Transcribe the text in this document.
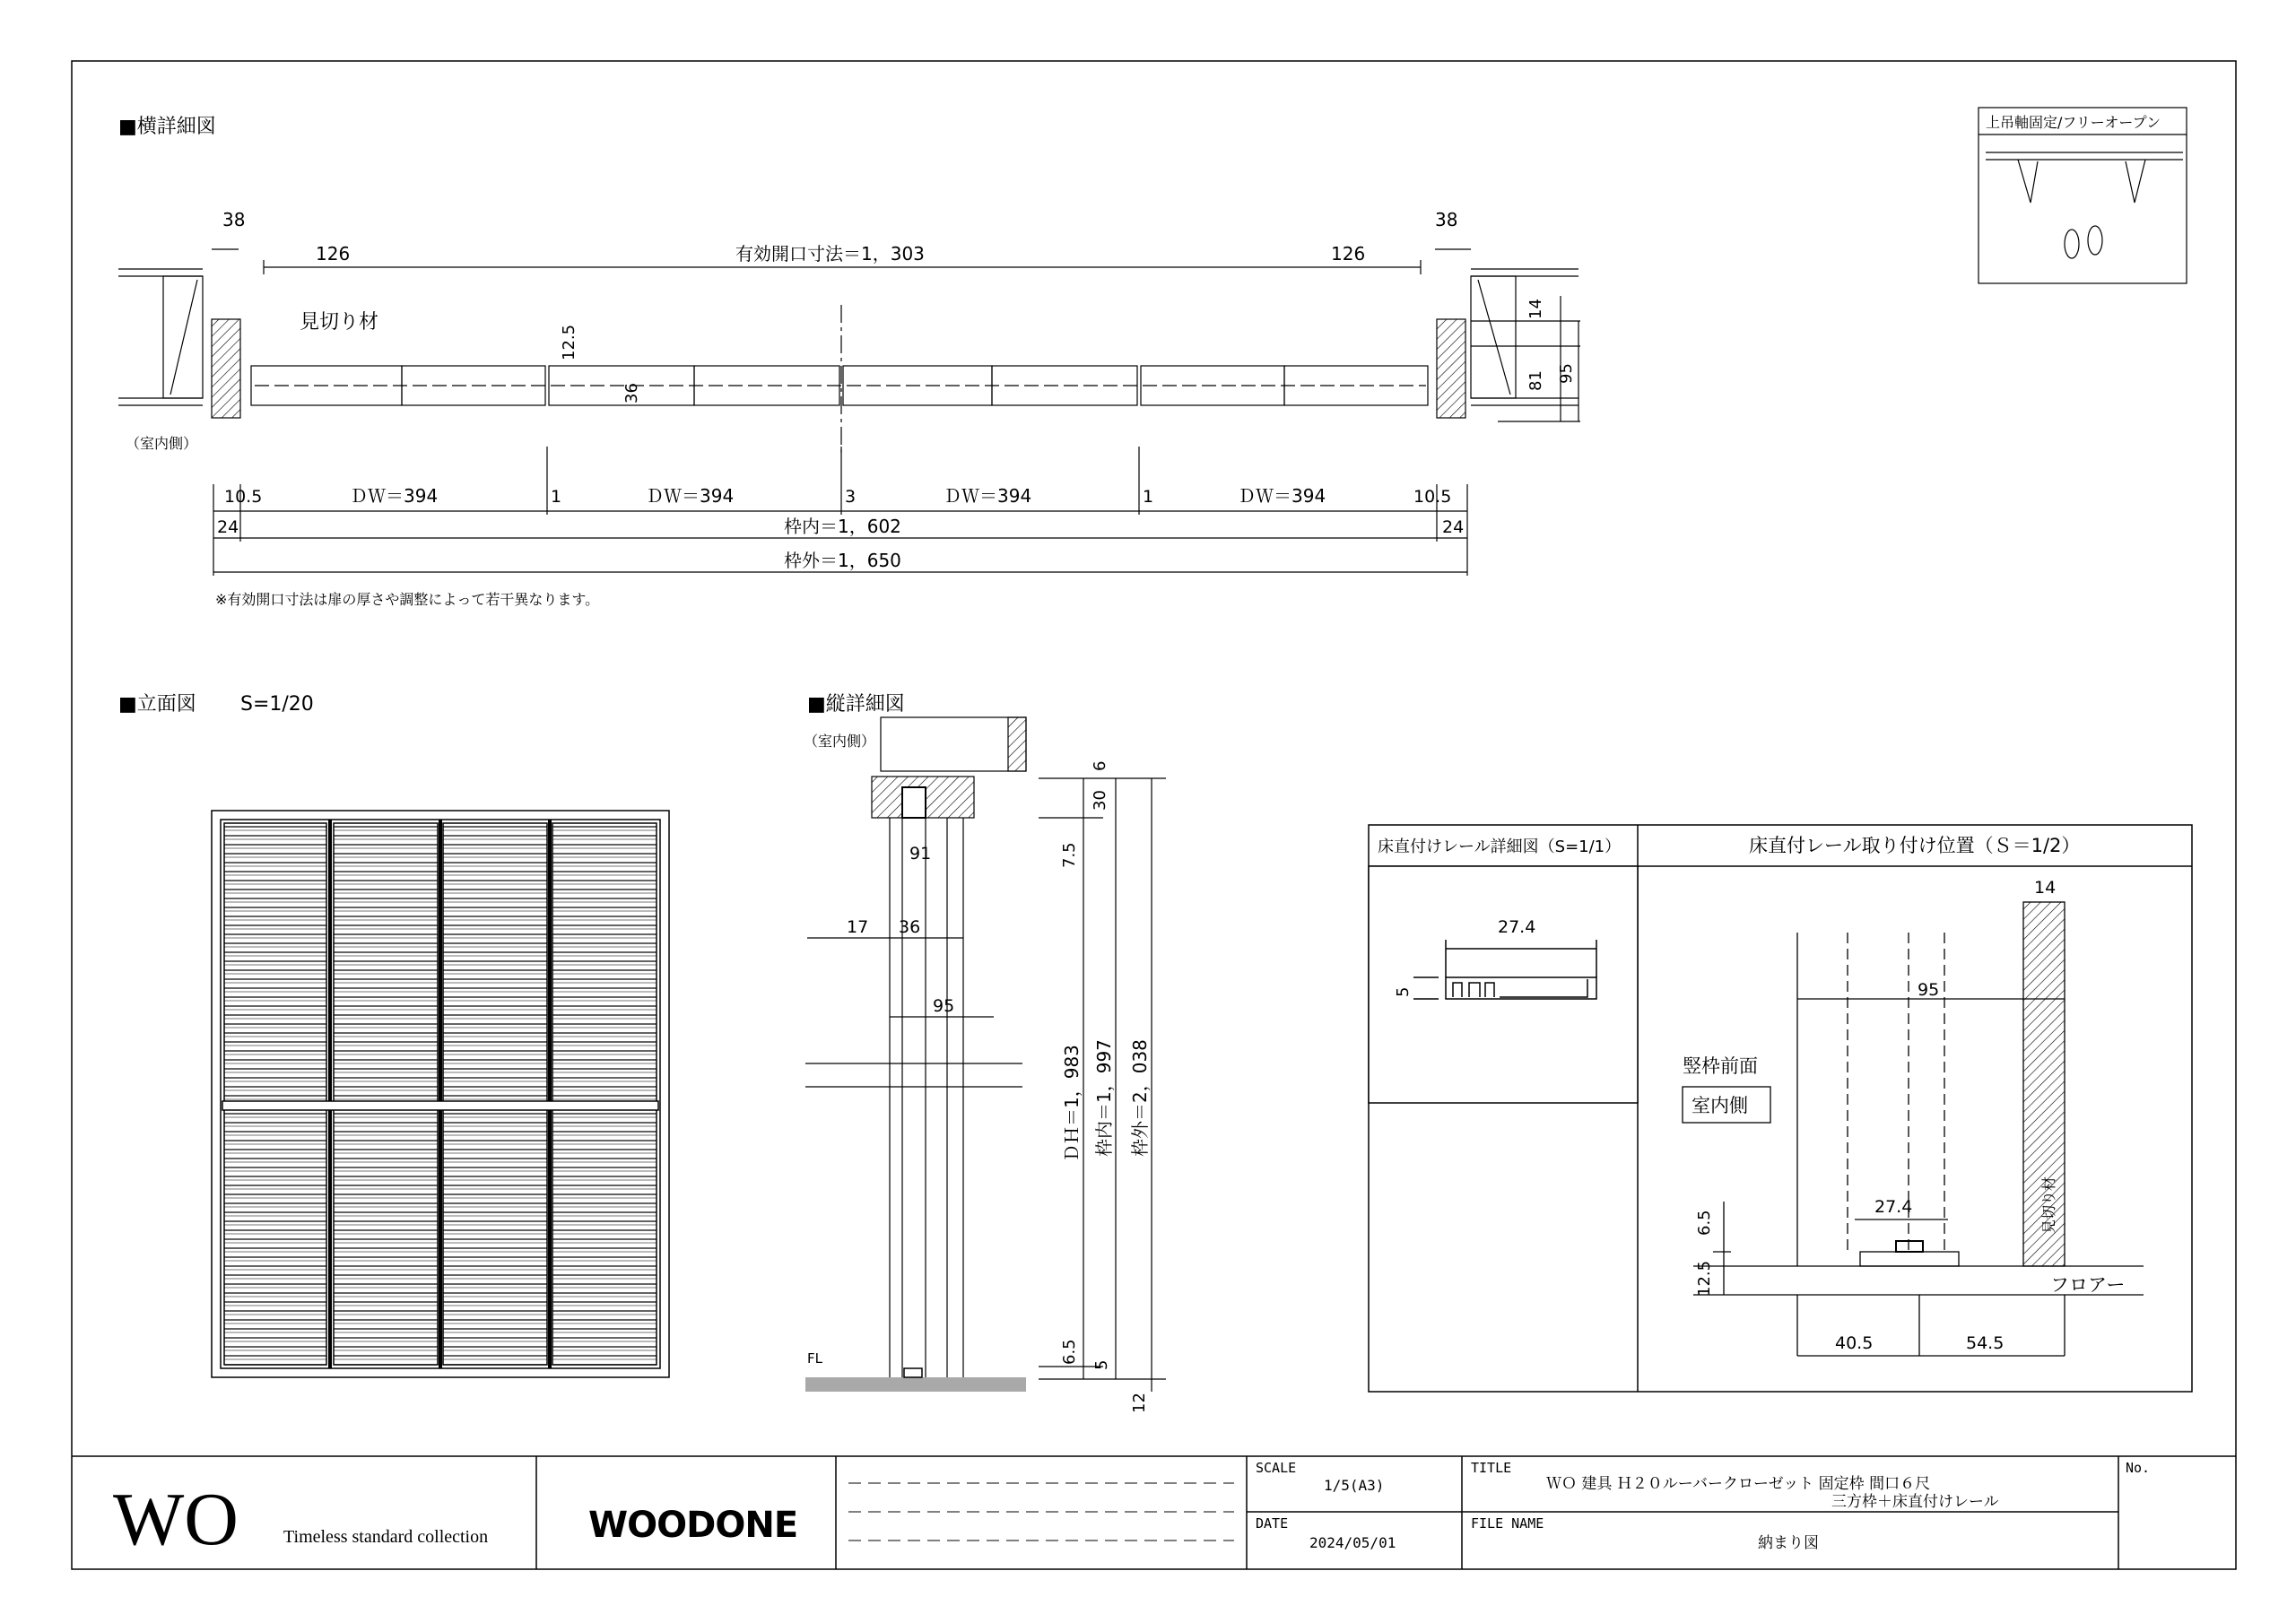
■横詳細図
38	38
126	126
有効開口寸法＝1，303
見切り材
12.5
36
14
81 95
（室内側）
10.5	10.5
ＤＷ＝394	ＤＷ＝394	ＤＷ＝394	ＤＷ＝394
1	3	1
24	24
枠内＝1，602
枠外＝1，650
※有効開口寸法は扉の厚さや調整によって若干異なります。
上吊軸固定/フリーオープン
■立面図 S=1/20	■縦詳細図
（室内側）
6
30
7.5
91
17 36
95
ＤＨ＝1，983 枠内＝1，997 枠外＝2，038
6.5
5
12
FL
床直付けレール詳細図（S=1/1）	床直付レール取り付け位置（Ｓ＝1/2）
27.4
5
14
95
竪枠前面
室内側
見切り材
6.5
12.5
27.4
フロアー
40.5	54.5
WO	Timeless standard collection	WOODONE
SCALE
1/5(A3)
DATE
2024/05/01
TITLE
ＷＯ 建具 Ｈ２０ルーバークローゼット 固定枠 間口６尺
三方枠＋床直付けレール
FILE NAME
納まり図
No.
